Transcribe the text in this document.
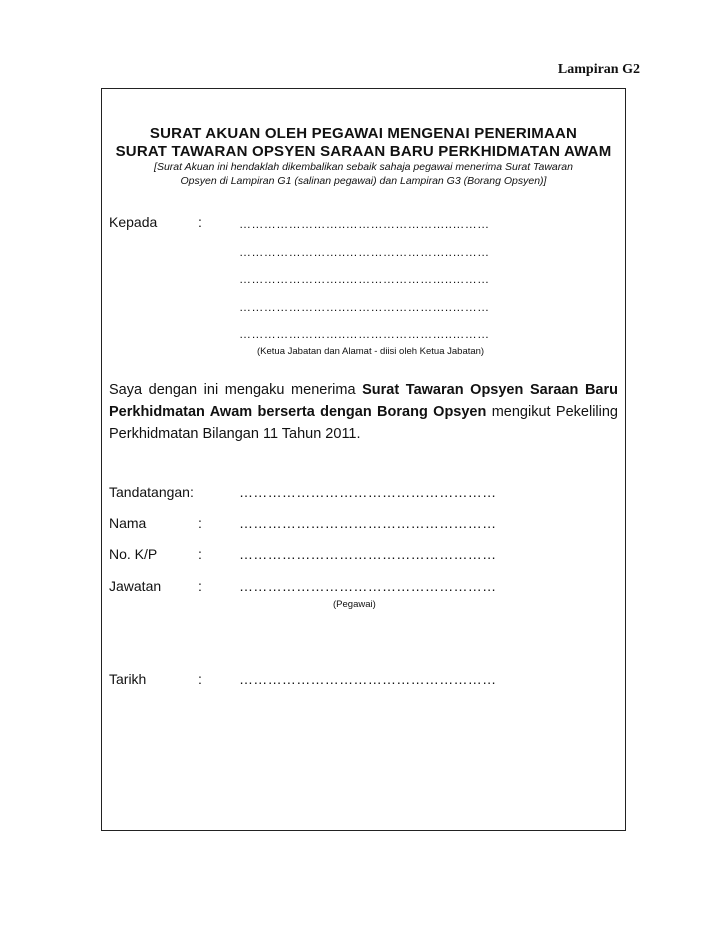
Lampiran G2
SURAT AKUAN OLEH PEGAWAI MENGENAI PENERIMAAN
SURAT TAWARAN OPSYEN SARAAN BARU PERKHIDMATAN AWAM
[Surat Akuan ini hendaklah dikembalikan sebaik sahaja pegawai menerima Surat Tawaran
Opsyen di Lampiran G1 (salinan pegawai) dan Lampiran G3 (Borang Opsyen)]
Kepada	:	……………………..……………………..………
……………………..……………………..………
……………………..……………………..………
……………………..……………………..………
……………………..……………………..………
(Ketua Jabatan dan Alamat - diisi oleh Ketua Jabatan)
Saya dengan ini mengaku menerima Surat Tawaran Opsyen Saraan Baru Perkhidmatan Awam berserta dengan Borang Opsyen mengikut Pekeliling Perkhidmatan Bilangan 11 Tahun 2011.
Tandatangan:	………………………………………………
Nama	:	………………………………………………
No. K/P	:	………………………………………………
Jawatan	:	………………………………………………
(Pegawai)
Tarikh	:	………………………………………………
